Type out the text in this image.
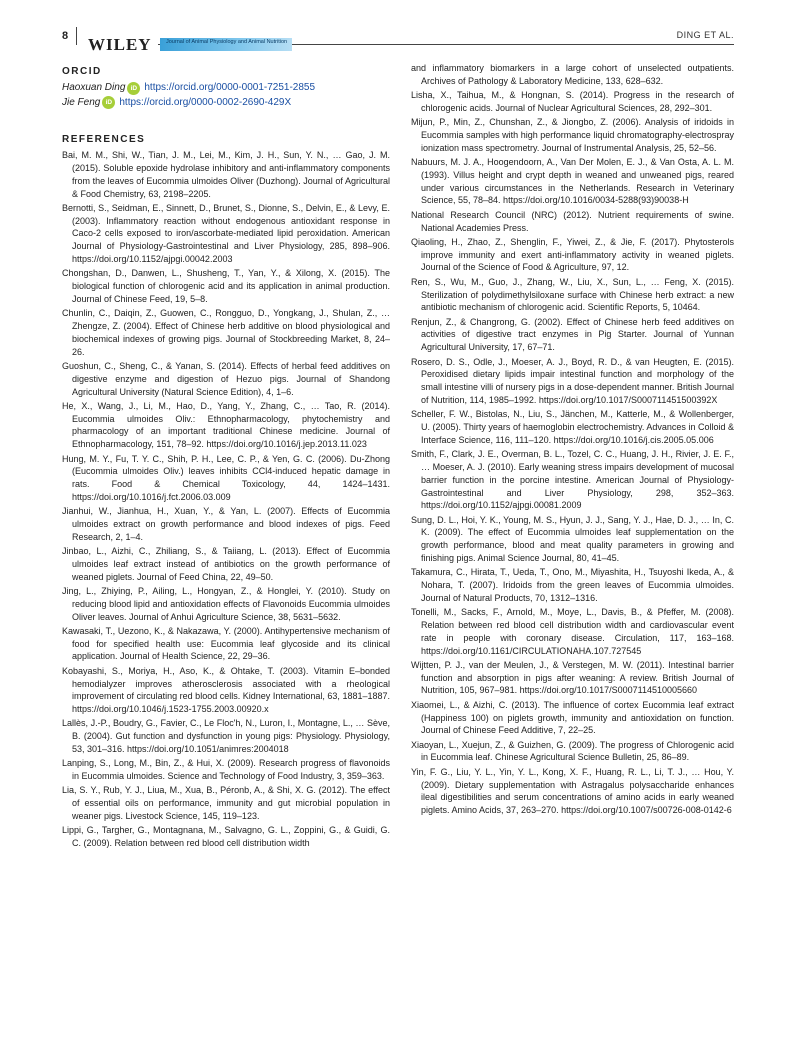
8 WILEY	Journal of Animal Physiology and Animal Nutrition
DING ET AL.
ORCID
Haoxuan Ding iD https://orcid.org/0000-0001-7251-2855
Jie Feng iD https://orcid.org/0000-0002-2690-429X
REFERENCES
Bai, M. M., Shi, W., Tian, J. M., Lei, M., Kim, J. H., Sun, Y. N., … Gao, J. M. (2015). Soluble epoxide hydrolase inhibitory and anti-inflammatory components from the leaves of Eucommia ulmoides Oliver (Duzhong). Journal of Agricultural & Food Chemistry, 63, 2198–2205.
Bernotti, S., Seidman, E., Sinnett, D., Brunet, S., Dionne, S., Delvin, E., & Levy, E. (2003). Inflammatory reaction without endogenous antioxidant response in Caco-2 cells exposed to iron/ascorbate-mediated lipid peroxidation. American Journal of Physiology-Gastrointestinal and Liver Physiology, 285, 898–906. https://doi.org/10.1152/ajpgi.00042.2003
Chongshan, D., Danwen, L., Shusheng, T., Yan, Y., & Xilong, X. (2015). The biological function of chlorogenic acid and its application in animal production. Journal of Chinese Feed, 19, 5–8.
Chunlin, C., Daiqin, Z., Guowen, C., Rongguo, D., Yongkang, J., Shulan, Z., … Zhengze, Z. (2004). Effect of Chinese herb additive on blood physiological and biochemical indexes of growing pigs. Journal of Stockbreeding Market, 8, 24–26.
Guoshun, C., Sheng, C., & Yanan, S. (2014). Effects of herbal feed additives on digestive enzyme and digestion of Hezuo pigs. Journal of Shandong Agricultural University (Natural Science Edition), 4, 1–6.
He, X., Wang, J., Li, M., Hao, D., Yang, Y., Zhang, C., … Tao, R. (2014). Eucommia ulmoides Oliv.: Ethnopharmacology, phytochemistry and pharmacology of an important traditional Chinese medicine. Journal of Ethnopharmacology, 151, 78–92. https://doi.org/10.1016/j.jep.2013.11.023
Hung, M. Y., Fu, T. Y. C., Shih, P. H., Lee, C. P., & Yen, G. C. (2006). Du-Zhong (Eucommia ulmoides Oliv.) leaves inhibits CCl4-induced hepatic damage in rats. Food & Chemical Toxicology, 44, 1424–1431. https://doi.org/10.1016/j.fct.2006.03.009
Jianhui, W., Jianhua, H., Xuan, Y., & Yan, L. (2007). Effects of Eucommia ulmoides extract on growth performance and blood indexes of pigs. Feed Research, 2, 1–4.
Jinbao, L., Aizhi, C., Zhiliang, S., & Taiiang, L. (2013). Effect of Eucommia ulmoides leaf extract instead of antibiotics on the growth performance of weaned piglets. Journal of Feed China, 22, 49–50.
Jing, L., Zhiying, P., Ailing, L., Hongyan, Z., & Honglei, Y. (2010). Study on reducing blood lipid and antioxidation effects of Flavonoids Eucommia ulmoides Oliver leaves. Journal of Anhui Agriculture Science, 38, 5631–5632.
Kawasaki, T., Uezono, K., & Nakazawa, Y. (2000). Antihypertensive mechanism of food for specified health use: Eucommia leaf glycoside and its clinical application. Journal of Health Science, 22, 29–36.
Kobayashi, S., Moriya, H., Aso, K., & Ohtake, T. (2003). Vitamin E–bonded hemodialyzer improves atherosclerosis associated with a rheological improvement of circulating red blood cells. Kidney International, 63, 1881–1887. https://doi.org/10.1046/j.1523-1755.2003.00920.x
Lallès, J.-P., Boudry, G., Favier, C., Le Floc'h, N., Luron, I., Montagne, L., … Sève, B. (2004). Gut function and dysfunction in young pigs: Physiology. Physiology, 53, 301–316. https://doi.org/10.1051/animres:2004018
Lanping, S., Long, M., Bin, Z., & Hui, X. (2009). Research progress of flavonoids in Eucommia ulmoides. Science and Technology of Food Industry, 3, 359–363.
Lia, S. Y., Rub, Y. J., Liua, M., Xua, B., Péronb, A., & Shi, X. G. (2012). The effect of essential oils on performance, immunity and gut microbial population in weaner pigs. Livestock Science, 145, 119–123.
Lippi, G., Targher, G., Montagnana, M., Salvagno, G. L., Zoppini, G., & Guidi, G. C. (2009). Relation between red blood cell distribution width
and inflammatory biomarkers in a large cohort of unselected outpatients. Archives of Pathology & Laboratory Medicine, 133, 628–632.
Lisha, X., Taihua, M., & Hongnan, S. (2014). Progress in the research of chlorogenic acids. Journal of Nuclear Agricultural Sciences, 28, 292–301.
Mijun, P., Min, Z., Chunshan, Z., & Jiongbo, Z. (2006). Analysis of iridoids in Eucommia samples with high performance liquid chromatography-electrospray ionization mass spectrometry. Journal of Instrumental Analysis, 25, 52–56.
Nabuurs, M. J. A., Hoogendoorn, A., Van Der Molen, E. J., & Van Osta, A. L. M. (1993). Villus height and crypt depth in weaned and unweaned pigs, reared under various circumstances in the Netherlands. Research in Veterinary Science, 55, 78–84. https://doi.org/10.1016/0034-5288(93)90038-H
National Research Council (NRC) (2012). Nutrient requirements of swine. National Academies Press.
Qiaoling, H., Zhao, Z., Shenglin, F., Yiwei, Z., & Jie, F. (2017). Phytosterols improve immunity and exert anti-inflammatory activity in weaned piglets. Journal of the Science of Food & Agriculture, 97, 12.
Ren, S., Wu, M., Guo, J., Zhang, W., Liu, X., Sun, L., … Feng, X. (2015). Sterilization of polydimethylsiloxane surface with Chinese herb extract: a new antibiotic mechanism of chlorogenic acid. Scientific Reports, 5, 10464.
Renjun, Z., & Changrong, G. (2002). Effect of Chinese herb feed additives on activities of digestive tract enzymes in Pig Starter. Journal of Yunnan Agricultural University, 17, 67–71.
Rosero, D. S., Odle, J., Moeser, A. J., Boyd, R. D., & van Heugten, E. (2015). Peroxidised dietary lipids impair intestinal function and morphology of the small intestine villi of nursery pigs in a dose-dependent manner. British Journal of Nutrition, 114, 1985–1992. https://doi.org/10.1017/S000711451500392X
Scheller, F. W., Bistolas, N., Liu, S., Jänchen, M., Katterle, M., & Wollenberger, U. (2005). Thirty years of haemoglobin electrochemistry. Advances in Colloid & Interface Science, 116, 111–120. https://doi.org/10.1016/j.cis.2005.05.006
Smith, F., Clark, J. E., Overman, B. L., Tozel, C. C., Huang, J. H., Rivier, J. E. F., … Moeser, A. J. (2010). Early weaning stress impairs development of mucosal barrier function in the porcine intestine. American Journal of Physiology-Gastrointestinal and Liver Physiology, 298, 352–363. https://doi.org/10.1152/ajpgi.00081.2009
Sung, D. L., Hoi, Y. K., Young, M. S., Hyun, J. J., Sang, Y. J., Hae, D. J., … In, C. K. (2009). The effect of Eucommia ulmoides leaf supplementation on the growth performance, blood and meat quality parameters in growing and finishing pigs. Animal Science Journal, 80, 41–45.
Takamura, C., Hirata, T., Ueda, T., Ono, M., Miyashita, H., Tsuyoshi Ikeda, A., & Nohara, T. (2007). Iridoids from the green leaves of Eucommia ulmoides. Journal of Natural Products, 70, 1312–1316.
Tonelli, M., Sacks, F., Arnold, M., Moye, L., Davis, B., & Pfeffer, M. (2008). Relation between red blood cell distribution width and cardiovascular event rate in people with coronary disease. Circulation, 117, 163–168. https://doi.org/10.1161/CIRCULATIONAHA.107.727545
Wijtten, P. J., van der Meulen, J., & Verstegen, M. W. (2011). Intestinal barrier function and absorption in pigs after weaning: A review. British Journal of Nutrition, 105, 967–981. https://doi.org/10.1017/S0007114510005660
Xiaomei, L., & Aizhi, C. (2013). The influence of cortex Eucommia leaf extract (Happiness 100) on piglets growth, immunity and antioxidation on function. Journal of Chinese Feed Additive, 7, 22–25.
Xiaoyan, L., Xuejun, Z., & Guizhen, G. (2009). The progress of Chlorogenic acid in Eucommia leaf. Chinese Agricultural Science Bulletin, 25, 86–89.
Yin, F. G., Liu, Y. L., Yin, Y. L., Kong, X. F., Huang, R. L., Li, T. J., … Hou, Y. (2009). Dietary supplementation with Astragalus polysaccharide enhances ileal digestibilities and serum concentrations of amino acids in early weaned piglets. Amino Acids, 37, 263–270. https://doi.org/10.1007/s00726-008-0142-6
